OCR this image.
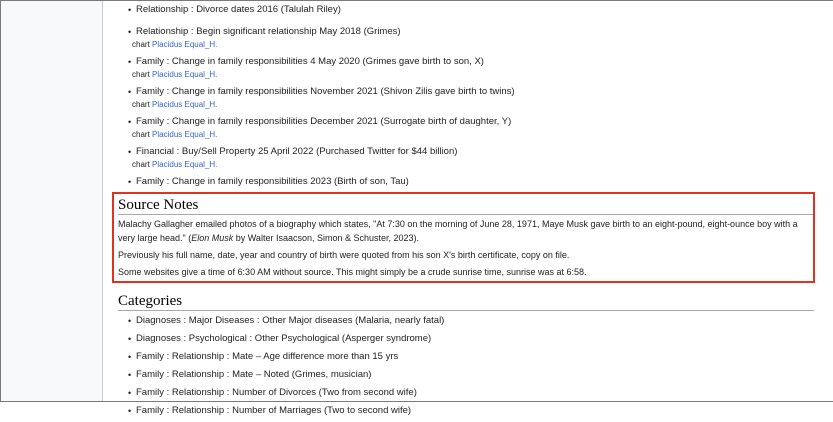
• Relationship : Divorce dates 2016 (Talulah Riley)
• Relationship : Begin significant relationship May 2018 (Grimes)
chart Placidus Equal_H.
• Family : Change in family responsibilities 4 May 2020 (Grimes gave birth to son, X)
chart Placidus Equal_H.
• Family : Change in family responsibilities November 2021 (Shivon Zilis gave birth to twins)
chart Placidus Equal_H.
• Family : Change in family responsibilities December 2021 (Surrogate birth of daughter, Y)
chart Placidus Equal_H.
• Financial : Buy/Sell Property 25 April 2022 (Purchased Twitter for $44 billion)
chart Placidus Equal_H.
• Family : Change in family responsibilities 2023 (Birth of son, Tau)
Source Notes
Malachy Gallagher emailed photos of a biography which states, "At 7:30 on the morning of June 28, 1971, Maye Musk gave birth to an eight-pound, eight-ounce boy with a very large head." (Elon Musk by Walter Isaacson, Simon & Schuster, 2023).
Previously his full name, date, year and country of birth were quoted from his son X's birth certificate, copy on file.
Some websites give a time of 6:30 AM without source. This might simply be a crude sunrise time, sunrise was at 6:58.
Categories
• Diagnoses : Major Diseases : Other Major diseases (Malaria, nearly fatal)
• Diagnoses : Psychological : Other Psychological (Asperger syndrome)
• Family : Relationship : Mate – Age difference more than 15 yrs
• Family : Relationship : Mate – Noted (Grimes, musician)
• Family : Relationship : Number of Divorces (Two from second wife)
• Family : Relationship : Number of Marriages (Two to second wife)
